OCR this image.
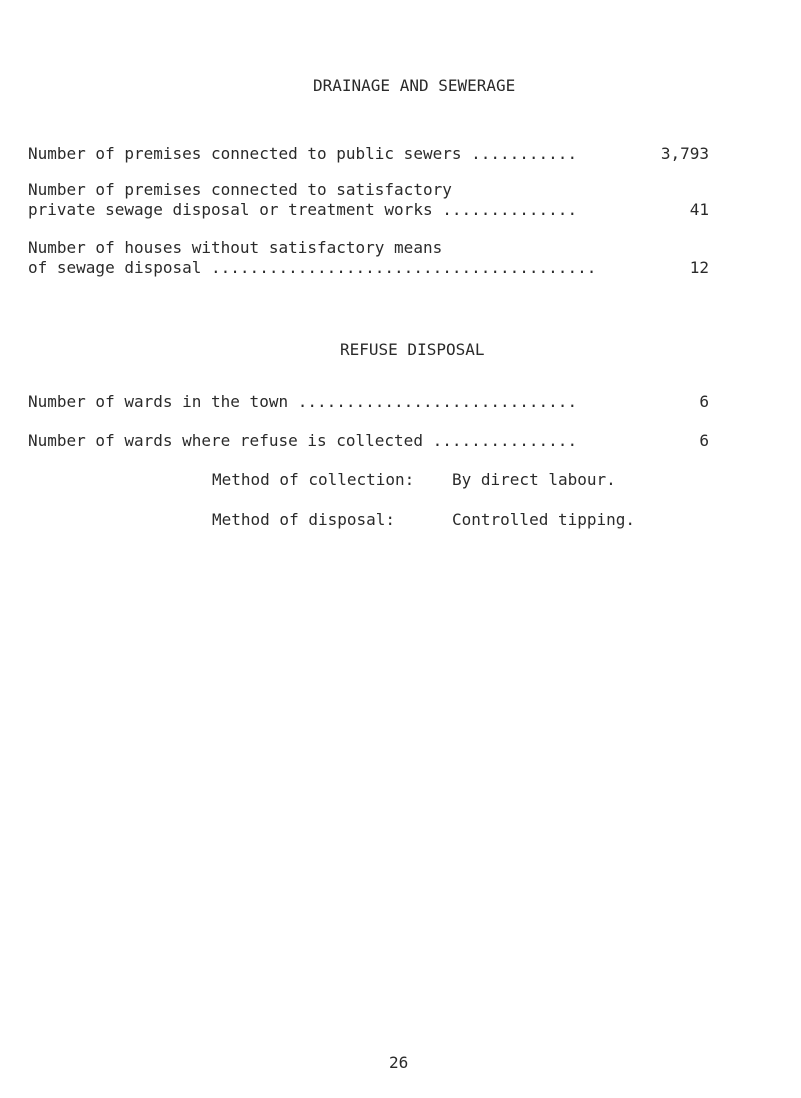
DRAINAGE AND SEWERAGE
Number of premises connected to public sewers ...........	3,793
Number of premises connected to satisfactory
private sewage disposal or treatment works ..............	41
Number of houses without satisfactory means
of sewage disposal ........................................	12
REFUSE DISPOSAL
Number of wards in the town .............................	6
Number of wards where refuse is collected ...............	6
Method of collection: By direct labour.
Method of disposal:	Controlled tipping.
26
